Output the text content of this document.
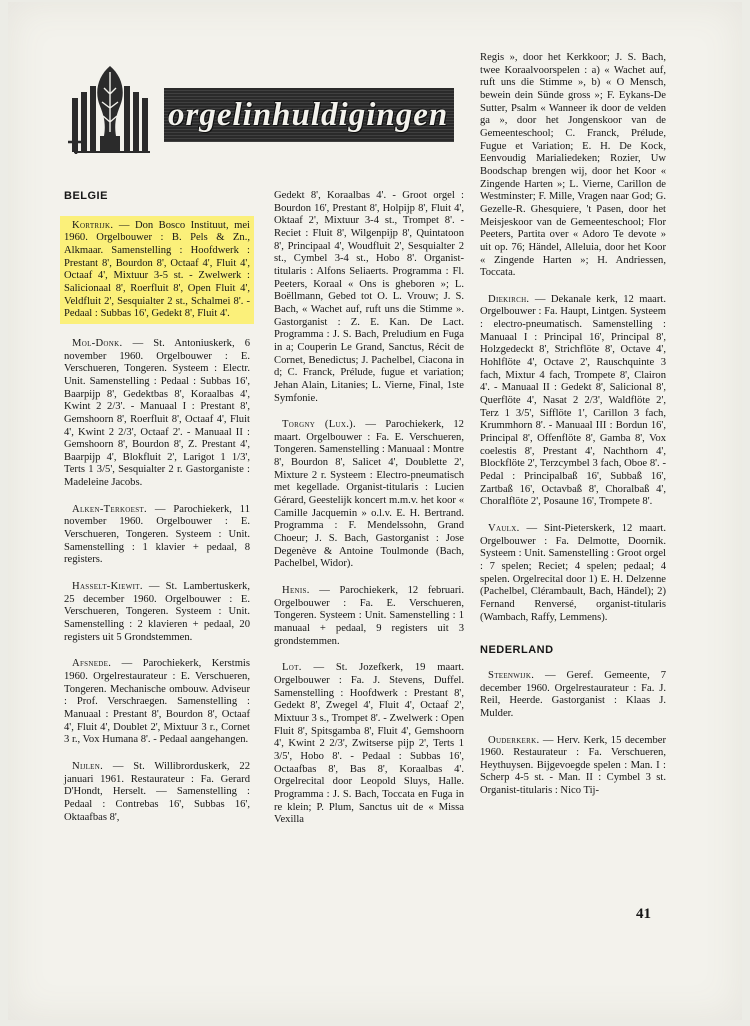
orgelinhuldigingen
BELGIE
Kortrijk. — Don Bosco Instituut, mei 1960. Orgelbouwer : B. Pels & Zn., Alkmaar. Samenstelling : Hoofdwerk : Prestant 8', Bourdon 8', Octaaf 4', Fluit 4', Octaaf 4', Mixtuur 3-5 st. - Zwelwerk : Salicionaal 8', Roerfluit 8', Open Fluit 4', Veldfluit 2', Sesquialter 2 st., Schalmei 8'. - Pedaal : Subbas 16', Gedekt 8', Fluit 4'.
Mol-Donk. — St. Antoniuskerk, 6 november 1960. Orgelbouwer : E. Verschueren, Tongeren. Systeem : Electr. Unit. Samenstelling : Pedaal : Subbas 16', Baarpijp 8', Gedektbas 8', Koraalbas 4', Kwint 2 2/3'. - Manuaal I : Prestant 8', Gemshoorn 8', Roerfluit 8', Octaaf 4', Fluit 4', Kwint 2 2/3', Octaaf 2'. - Manuaal II : Gemshoorn 8', Bourdon 8', Z. Prestant 4', Baarpijp 4', Blokfluit 2', Larigot 1 1/3', Terts 1 3/5', Sesquialter 2 r. Gastorganiste : Madeleine Jacobs.
Alken-Terkoest. — Parochiekerk, 11 november 1960. Orgelbouwer : E. Verschueren, Tongeren. Systeem : Unit. Samenstelling : 1 klavier + pedaal, 8 registers.
Hasselt-Kiewit. — St. Lambertuskerk, 25 december 1960. Orgelbouwer : E. Verschueren, Tongeren. Systeem : Unit. Samenstelling : 2 klavieren + pedaal, 20 registers uit 5 Grondstemmen.
Afsnede. — Parochiekerk, Kerstmis 1960. Orgelrestaurateur : E. Verschueren, Tongeren. Mechanische ombouw. Adviseur : Prof. Verschraegen. Samenstelling : Manuaal : Prestant 8', Bourdon 8', Octaaf 4', Fluit 4', Doublet 2', Mixtuur 3 r., Cornet 3 r., Vox Humana 8'. - Pedaal aangehangen.
Nijlen. — St. Willibrorduskerk, 22 januari 1961. Restaurateur : Fa. Gerard D'Hondt, Herselt. — Samenstelling : Pedaal : Contrebas 16', Subbas 16', Oktaafbas 8',
Gedekt 8', Koraalbas 4'. - Groot orgel : Bourdon 16', Prestant 8', Holpijp 8', Fluit 4', Oktaaf 2', Mixtuur 3-4 st., Trompet 8'. - Reciet : Fluit 8', Wilgenpijp 8', Quintatoon 8', Principaal 4', Woudfluit 2', Sesquialter 2 st., Cymbel 3-4 st., Hobo 8'. Organist-titularis : Alfons Seliaerts. Programma : Fl. Peeters, Koraal « Ons is gheboren »; L. Boëllmann, Gebed tot O. L. Vrouw; J. S. Bach, « Wachet auf, ruft uns die Stimme ». Gastorganist : Z. E. Kan. De Lact. Programma : J. S. Bach, Preludium en Fuga in a; Couperin Le Grand, Sanctus, Récit de Cornet, Benedictus; J. Pachelbel, Ciacona in d; C. Franck, Prélude, fugue et variation; Jehan Alain, Litanies; L. Vierne, Final, 1ste Symfonie.
Torgny (Lux.). — Parochiekerk, 12 maart. Orgelbouwer : Fa. E. Verschueren, Tongeren. Samenstelling : Manuaal : Montre 8', Bourdon 8', Salicet 4', Doublette 2', Mixture 2 r. Systeem : Electro-pneumatisch met kegellade. Organist-titularis : Lucien Gérard, Geestelijk koncert m.m.v. het koor « Camille Jacquemin » o.l.v. E. H. Bertrand. Programma : F. Mendelssohn, Grand Choeur; J. S. Bach, Gastorganist : Jose Degenève & Antoine Toulmonde (Bach, Pachelbel, Widor).
Henis. — Parochiekerk, 12 februari. Orgelbouwer : Fa. E. Verschueren, Tongeren. Systeem : Unit. Samenstelling : 1 manuaal + pedaal, 9 registers uit 3 grondstemmen.
Lot. — St. Jozefkerk, 19 maart. Orgelbouwer : Fa. J. Stevens, Duffel. Samenstelling : Hoofdwerk : Prestant 8', Gedekt 8', Zwegel 4', Fluit 4', Octaaf 2', Mixtuur 3 s., Trompet 8'. - Zwelwerk : Open Fluit 8', Spitsgamba 8', Fluit 4', Gemshoorn 4', Kwint 2 2/3', Zwitserse pijp 2', Terts 1 3/5', Hobo 8'. - Pedaal : Subbas 16', Octaafbas 8', Bas 8', Koraalbas 4'. Orgelrecital door Leopold Sluys, Halle. Programma : J. S. Bach, Toccata en Fuga in re klein; P. Plum, Sanctus uit de « Missa Vexilla
Regis », door het Kerkkoor; J. S. Bach, twee Koraalvoorspelen : a) « Wachet auf, ruft uns die Stimme », b) « O Mensch, bewein dein Sünde gross »; F. Eykans-De Sutter, Psalm « Wanneer ik door de velden ga », door het Jongenskoor van de Gemeenteschool; C. Franck, Prélude, Fugue et Variation; E. H. De Kock, Eenvoudig Marialiedeken; Rozier, Uw Boodschap brengen wij, door het Koor « Zingende Harten »; L. Vierne, Carillon de Westminster; F. Mille, Vragen naar God; G. Gezelle-R. Ghesquiere, 't Pasen, door het Meisjeskoor van de Gemeenteschool; Flor Peeters, Partita over « Adoro Te devote » uit op. 76; Händel, Alleluia, door het Koor « Zingende Harten »; H. Andriessen, Toccata.
Diekirch. — Dekanale kerk, 12 maart. Orgelbouwer : Fa. Haupt, Lintgen. Systeem : electro-pneumatisch. Samenstelling : Manuaal I : Principal 16', Principal 8', Holzgedeckt 8', Strichflöte 8', Octave 4', Hohlflöte 4', Octave 2', Rauschquinte 3 fach, Mixtur 4 fach, Trompete 8', Clairon 4'. - Manuaal II : Gedekt 8', Salicional 8', Querflöte 4', Nasat 2 2/3', Waldflöte 2', Terz 1 3/5', Sifflöte 1', Carillon 3 fach, Krummhorn 8'. - Manuaal III : Bordun 16', Principal 8', Offenflöte 8', Gamba 8', Vox coelestis 8', Prestant 4', Nachthorn 4', Blockflöte 2', Terzcymbel 3 fach, Oboe 8'. - Pedal : Principalbaß 16', Subbaß 16', Zartbaß 16', Octavbaß 8', Choralbaß 4', Choralflöte 2', Posaune 16', Trompete 8'.
Vaulx. — Sint-Pieterskerk, 12 maart. Orgelbouwer : Fa. Delmotte, Doornik. Systeem : Unit. Samenstelling : Groot orgel : 7 spelen; Reciet; 4 spelen; pedaal; 4 spelen. Orgelrecital door 1) E. H. Delzenne (Pachelbel, Clérambault, Bach, Händel); 2) Fernand Renversé, organist-titularis (Wambach, Raffy, Lemmens).
NEDERLAND
Steenwijk. — Geref. Gemeente, 7 december 1960. Orgelrestaurateur : Fa. J. Reil, Heerde. Gastorganist : Klaas J. Mulder.
Ouderkerk. — Herv. Kerk, 15 december 1960. Restaurateur : Fa. Verschueren, Heythuysen. Bijgevoegde spelen : Man. I : Scherp 4-5 st. - Man. II : Cymbel 3 st. Organist-titularis : Nico Tij-
41
